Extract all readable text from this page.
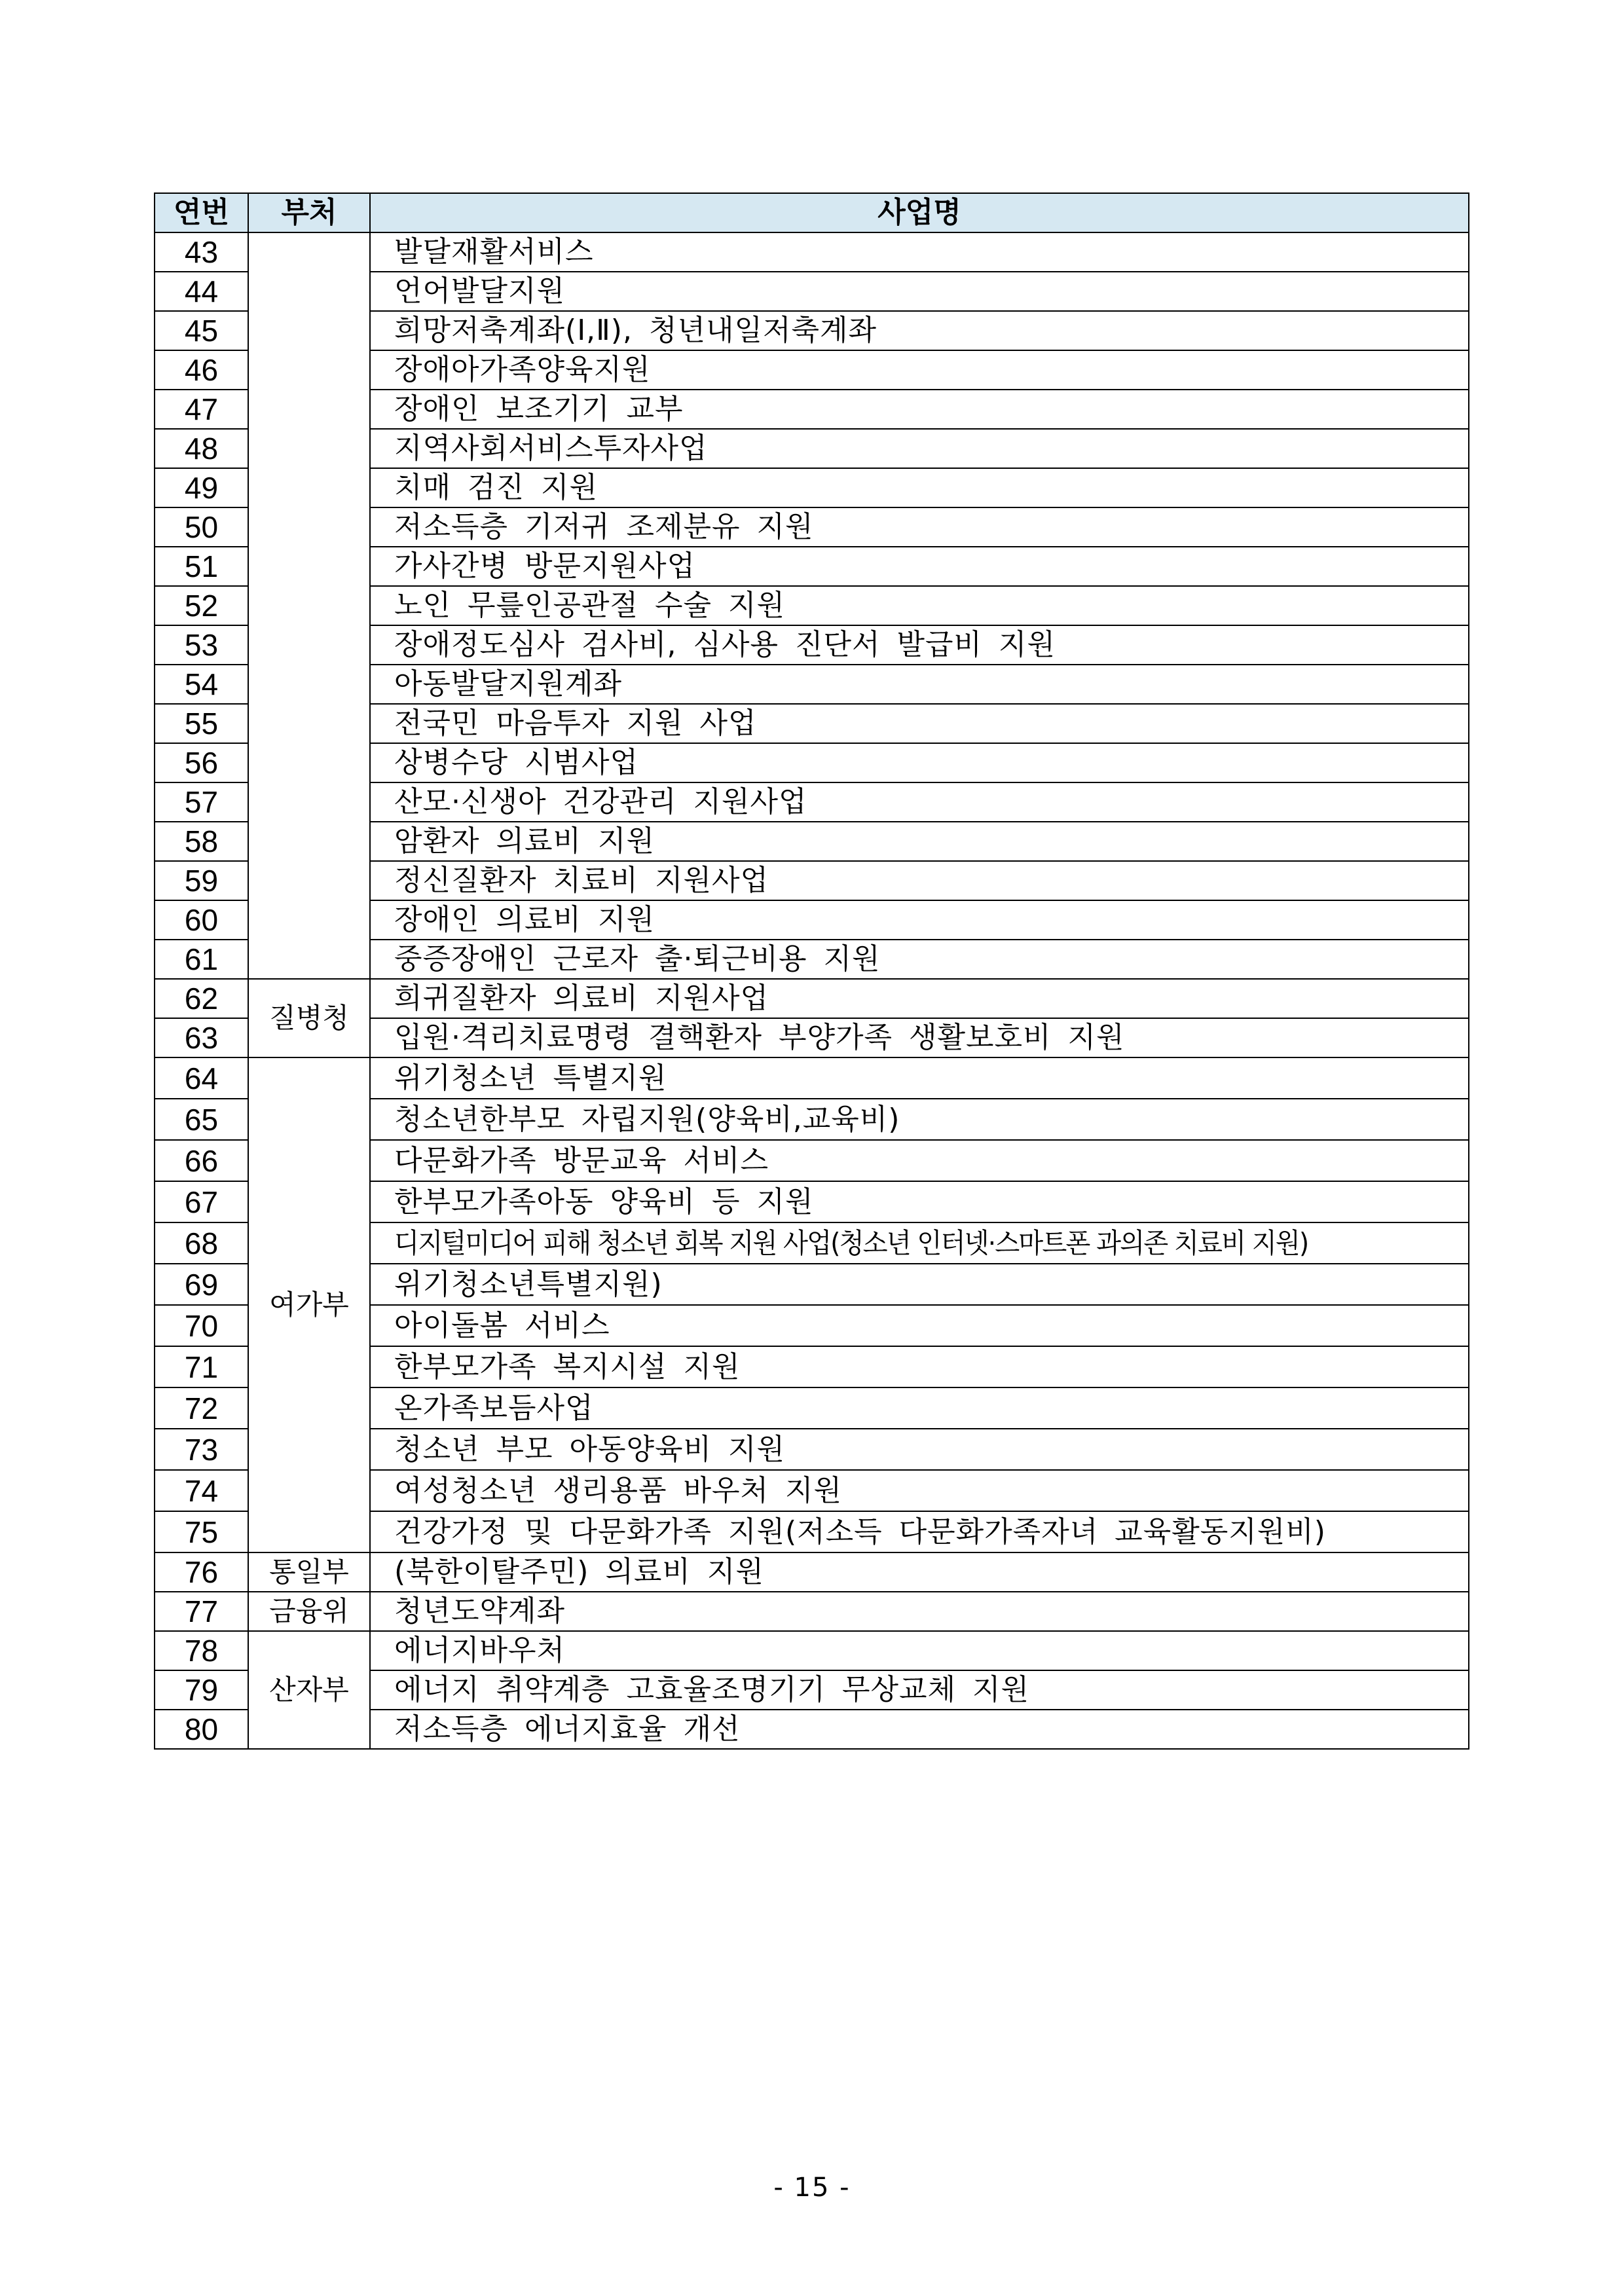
연번	부처	사업명
43		발달재활서비스
44		언어발달지원
45		희망저축계좌(Ⅰ,Ⅱ), 청년내일저축계좌
46		장애아가족양육지원
47		장애인 보조기기 교부
48		지역사회서비스투자사업
49		치매 검진 지원
50		저소득층 기저귀 조제분유 지원
51		가사간병 방문지원사업
52		노인 무릎인공관절 수술 지원
53		장애정도심사 검사비, 심사용 진단서 발급비 지원
54		아동발달지원계좌
55		전국민 마음투자 지원 사업
56		상병수당 시범사업
57		산모·신생아 건강관리 지원사업
58		암환자 의료비 지원
59		정신질환자 치료비 지원사업
60		장애인 의료비 지원
61		중증장애인 근로자 출·퇴근비용 지원
62	질병청	희귀질환자 의료비 지원사업
63		입원·격리치료명령 결핵환자 부양가족 생활보호비 지원
64	여가부	위기청소년 특별지원
65		청소년한부모 자립지원(양육비,교육비)
66		다문화가족 방문교육 서비스
67		한부모가족아동 양육비 등 지원
68		디지털미디어 피해 청소년 회복 지원 사업(청소년 인터넷·스마트폰 과의존 치료비 지원)
69		위기청소년특별지원)
70		아이돌봄 서비스
71		한부모가족 복지시설 지원
72		온가족보듬사업
73		청소년 부모 아동양육비 지원
74		여성청소년 생리용품 바우처 지원
75		건강가정 및 다문화가족 지원(저소득 다문화가족자녀 교육활동지원비)
76	통일부	(북한이탈주민) 의료비 지원
77	금융위	청년도약계좌
78	산자부	에너지바우처
79		에너지 취약계층 고효율조명기기 무상교체 지원
80		저소득층 에너지효율 개선
- 15 -
